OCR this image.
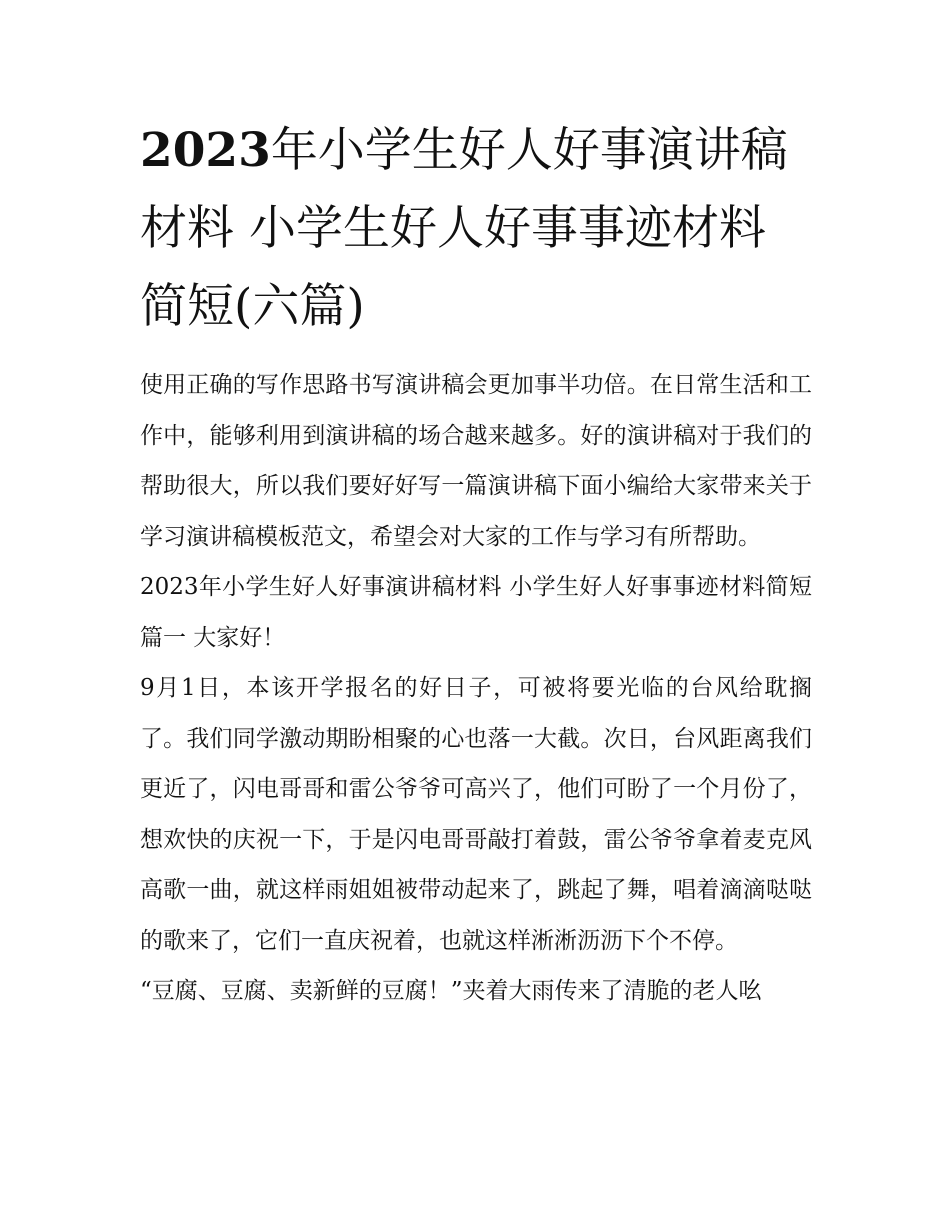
2023年小学生好人好事演讲稿材料 小学生好人好事事迹材料简短(六篇)

使用正确的写作思路书写演讲稿会更加事半功倍。在日常生活和工作中，能够利用到演讲稿的场合越来越多。好的演讲稿对于我们的帮助很大，所以我们要好好写一篇演讲稿下面小编给大家带来关于学习演讲稿模板范文，希望会对大家的工作与学习有所帮助。

2023年小学生好人好事演讲稿材料 小学生好人好事事迹材料简短篇一 大家好！

9月1日，本该开学报名的好日子，可被将要光临的台风给耽搁了。我们同学激动期盼相聚的心也落一大截。次日，台风距离我们更近了，闪电哥哥和雷公爷爷可高兴了，他们可盼了一个月份了，想欢快的庆祝一下，于是闪电哥哥敲打着鼓，雷公爷爷拿着麦克风高歌一曲，就这样雨姐姐被带动起来了，跳起了舞，唱着滴滴哒哒的歌来了，它们一直庆祝着，也就这样淅淅沥沥下个不停。

“豆腐、豆腐、卖新鲜的豆腐！”夹着大雨传来了清脆的老人吆
